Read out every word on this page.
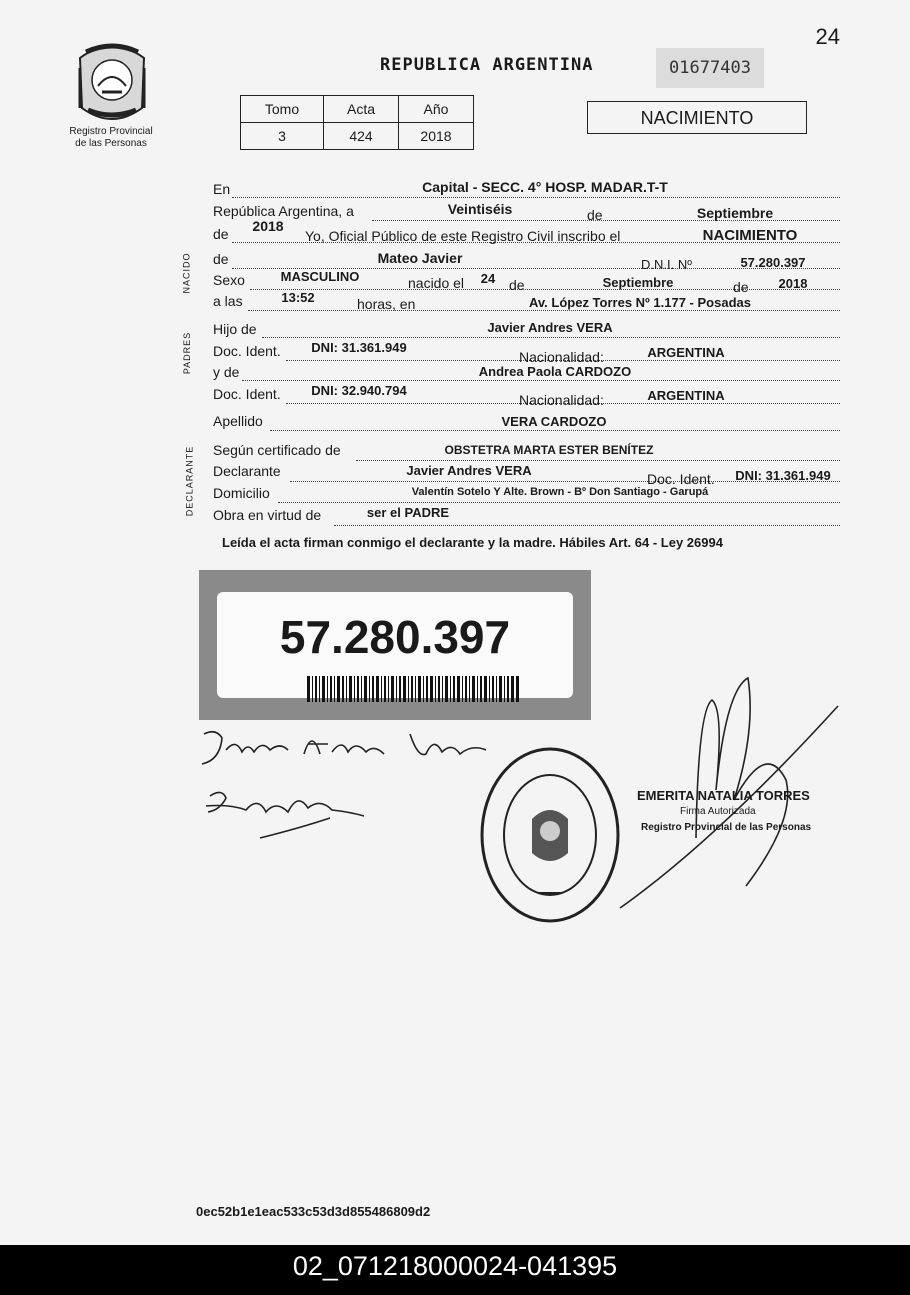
24
Registro Provincial
de las Personas
REPUBLICA ARGENTINA	01677403
Tomo	Acta	Año
3	424	2018
NACIMIENTO
NACIDO
PADRES
DECLARANTE
En	Capital - SECC. 4° HOSP. MADAR.T-T
República Argentina, a	Veintiséis	de	Septiembre
de	2018
Yo, Oficial Público de este Registro Civil inscribo el	NACIMIENTO
de	Mateo Javier	D.N.I. Nº	57.280.397
Sexo	MASCULINO	nacido el	24 de	Septiembre	de	2018
a las	13:52	horas, en	Av. López Torres Nº 1.177 - Posadas
Hijo de	Javier Andres VERA
Doc. Ident.	DNI: 31.361.949
Nacionalidad:	ARGENTINA
y de	Andrea Paola CARDOZO
Doc. Ident.	DNI: 32.940.794
Nacionalidad:	ARGENTINA
Apellido	VERA CARDOZO
Según certificado de	OBSTETRA MARTA ESTER BENÍTEZ
Declarante	Javier Andres VERA
Doc. Ident.	DNI: 31.361.949
Domicilio	Valentín Sotelo Y Alte. Brown - Bº Don Santiago - Garupá
Obra en virtud de	ser el PADRE
Leída el acta firman conmigo el declarante y la madre. Hábiles Art. 64 - Ley 26994
57.280.397
EMERITA NATALIA TORRES
Firma Autorizada
Registro Provincial de las Personas
0ec52b1e1eac533c53d3d855486809d2
02_071218000024-041395
